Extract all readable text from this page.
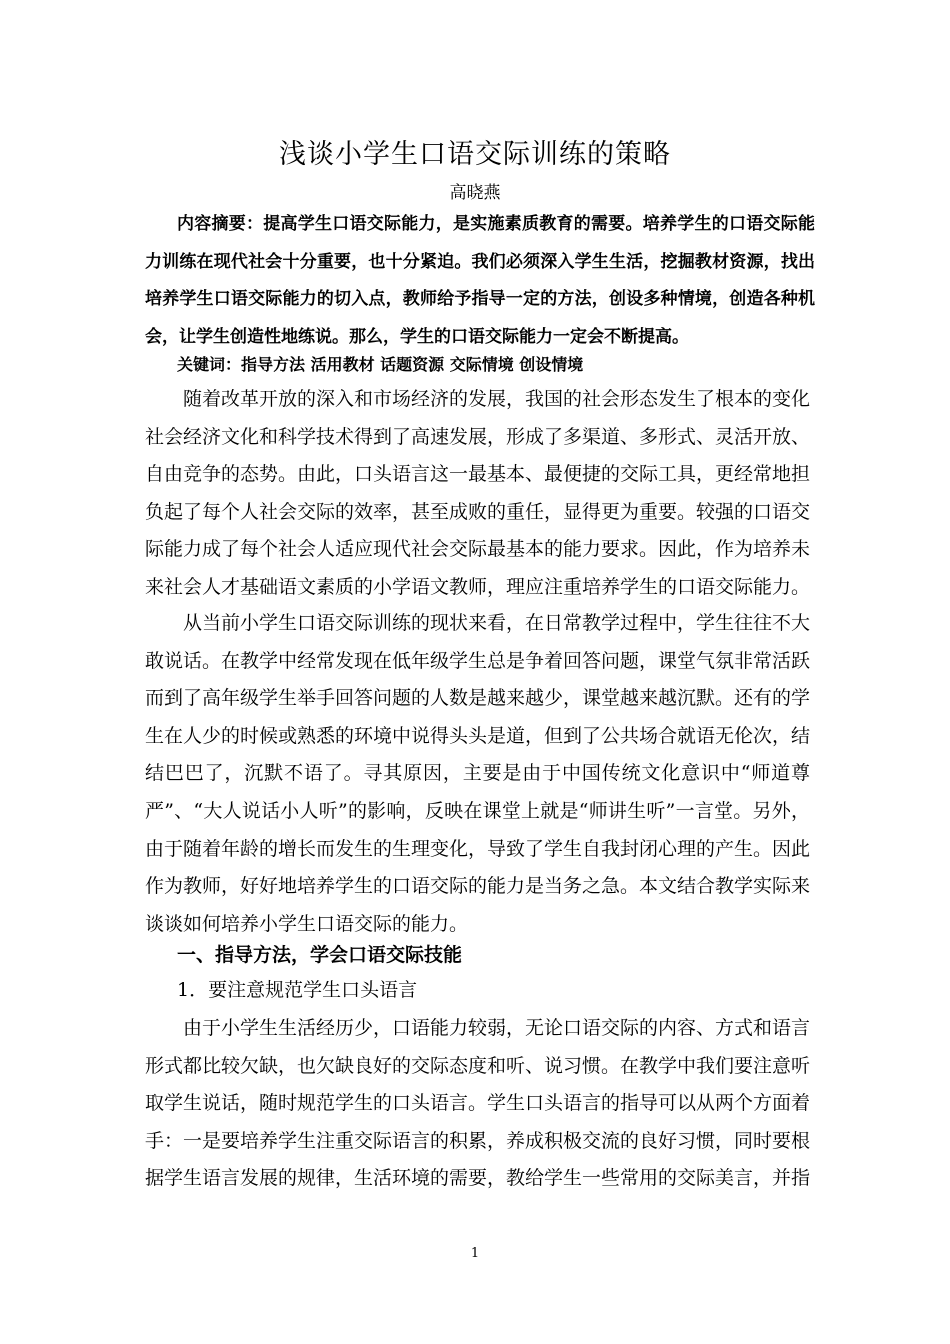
浅谈小学生口语交际训练的策略
高晓燕
内容摘要：提高学生口语交际能力，是实施素质教育的需要。培养学生的口语交际能力训练在现代社会十分重要，也十分紧迫。我们必须深入学生生活，挖掘教材资源，找出培养学生口语交际能力的切入点，教师给予指导一定的方法，创设多种情境，创造各种机会，让学生创造性地练说。那么，学生的口语交际能力一定会不断提高。
关键词：指导方法 活用教材 话题资源 交际情境 创设情境
随着改革开放的深入和市场经济的发展，我国的社会形态发生了根本的变化社会经济文化和科学技术得到了高速发展，形成了多渠道、多形式、灵活开放、自由竞争的态势。由此，口头语言这一最基本、最便捷的交际工具，更经常地担负起了每个人社会交际的效率，甚至成败的重任，显得更为重要。较强的口语交际能力成了每个社会人适应现代社会交际最基本的能力要求。因此，作为培养未来社会人才基础语文素质的小学语文教师，理应注重培养学生的口语交际能力。
从当前小学生口语交际训练的现状来看，在日常教学过程中，学生往往不大敢说话。在教学中经常发现在低年级学生总是争着回答问题，课堂气氛非常活跃而到了高年级学生举手回答问题的人数是越来越少，课堂越来越沉默。还有的学生在人少的时候或熟悉的环境中说得头头是道，但到了公共场合就语无伦次，结结巴巴了，沉默不语了。寻其原因，主要是由于中国传统文化意识中“师道尊严”、“大人说话小人听”的影响，反映在课堂上就是“师讲生听”一言堂。另外，由于随着年龄的增长而发生的生理变化，导致了学生自我封闭心理的产生。因此作为教师，好好地培养学生的口语交际的能力是当务之急。本文结合教学实际来谈谈如何培养小学生口语交际的能力。
一、指导方法，学会口语交际技能
1．要注意规范学生口头语言
由于小学生生活经历少，口语能力较弱，无论口语交际的内容、方式和语言形式都比较欠缺，也欠缺良好的交际态度和听、说习惯。在教学中我们要注意听取学生说话，随时规范学生的口头语言。学生口头语言的指导可以从两个方面着手：一是要培养学生注重交际语言的积累，养成积极交流的良好习惯，同时要根据学生语言发展的规律，生活环境的需要，教给学生一些常用的交际美言，并指
1
